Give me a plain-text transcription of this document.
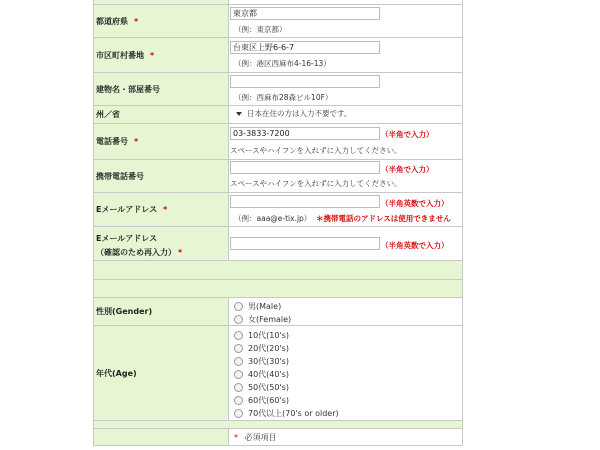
都道府県 *
東京都
（例：東京都）
市区町村番地 *
台東区上野6-6-7
（例：港区西麻布4-16-13）
建物名・部屋番号
（例：西麻布28森ビル10F）
州／省	日本在住の方は入力不要です。
電話番号 *
03-3833-7200	（半角で入力）
スペースやハイフンを入れずに入力してください。
携帯電話番号
（半角で入力）
スペースやハイフンを入れずに入力してください。
Eメールアドレス *
（半角英数で入力）
（例：aaa@e-tix.jp） ＊携帯電話のアドレスは使用できません
Eメールアドレス
（確認のため再入力） *
（半角英数で入力）
性別(Gender)
男(Male)
女(Female)
年代(Age)
10代(10's)
20代(20's)
30代(30's)
40代(40's)
50代(50's)
60代(60's)
70代以上(70's or older)
* 必須項目
